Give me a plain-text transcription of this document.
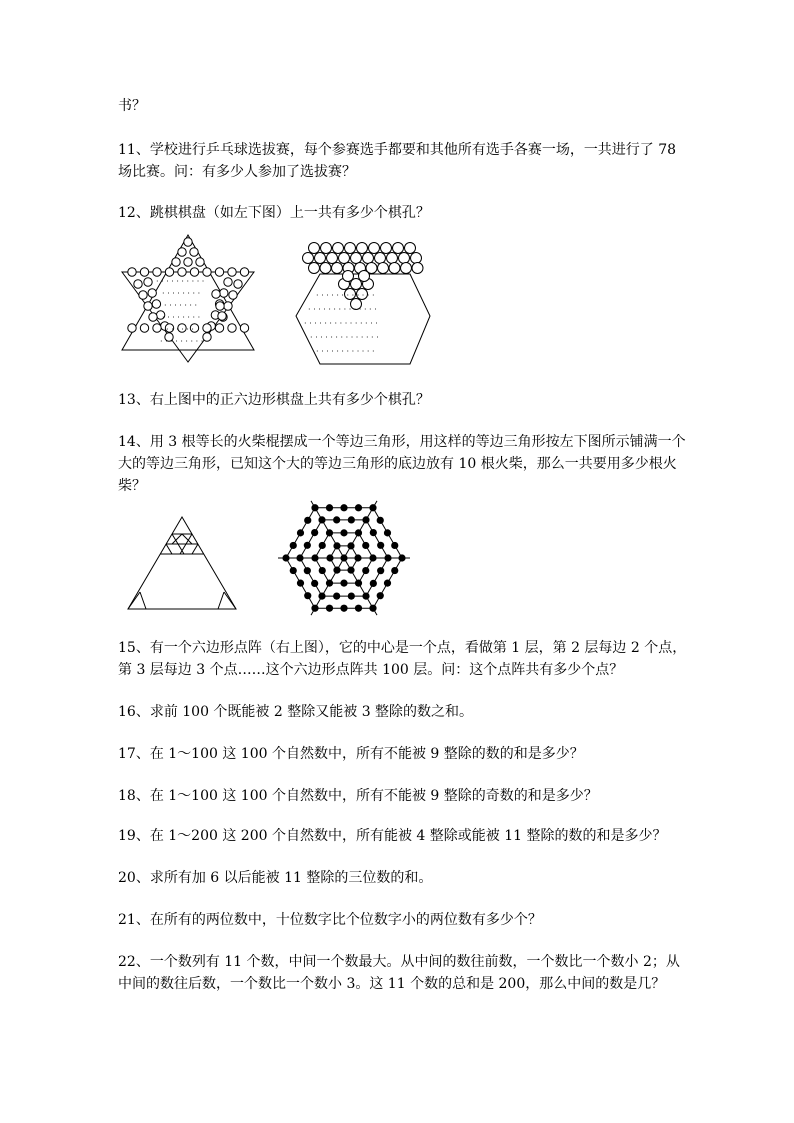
书？
11、学校进行乒乓球选拔赛，每个参赛选手都要和其他所有选手各赛一场，一共进行了 78
场比赛。问：有多少人参加了选拔赛？
12、跳棋棋盘（如左下图）上一共有多少个棋孔？
· · · · · · · · · ·
· · · · · · · ·
· · · · · · ·
· · · · · · · ·
· · · · · ·
· · · · · · · · ·
· · · · · · · · · · · ·
· · · · · · · · · · · · · ·
· · · · · · · · · · · · · · ·
· · · · · · · · · · · · · ·
· · · · · · · · · · · ·
13、右上图中的正六边形棋盘上共有多少个棋孔？
14、用 3 根等长的火柴棍摆成一个等边三角形，用这样的等边三角形按左下图所示铺满一个
大的等边三角形，已知这个大的等边三角形的底边放有 10 根火柴，那么一共要用多少根火
柴？
15、有一个六边形点阵（右上图），它的中心是一个点，看做第 1 层，第 2 层每边 2 个点，
第 3 层每边 3 个点……这个六边形点阵共 100 层。问：这个点阵共有多少个点？
16、求前 100 个既能被 2 整除又能被 3 整除的数之和。
17、在 1～100 这 100 个自然数中，所有不能被 9 整除的数的和是多少？
18、在 1～100 这 100 个自然数中，所有不能被 9 整除的奇数的和是多少？
19、在 1～200 这 200 个自然数中，所有能被 4 整除或能被 11 整除的数的和是多少？
20、求所有加 6 以后能被 11 整除的三位数的和。
21、在所有的两位数中，十位数字比个位数字小的两位数有多少个？
22、一个数列有 11 个数，中间一个数最大。从中间的数往前数，一个数比一个数小 2；从
中间的数往后数，一个数比一个数小 3。这 11 个数的总和是 200，那么中间的数是几？
